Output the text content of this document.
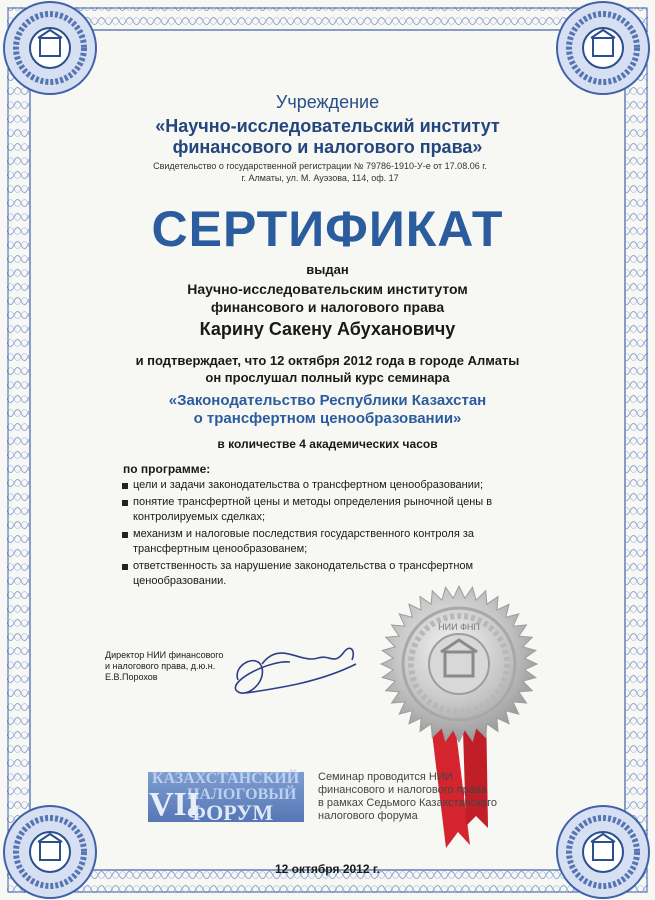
НИИ ФНП
Учреждение
«Научно-исследовательский институт
финансового и налогового права»
Свидетельство о государственной регистрации № 79786-1910-У-е от 17.08.06 г.
г. Алматы, ул. М. Ауэзова, 114, оф. 17
СЕРТИФИКАТ
выдан
Научно-исследовательским институтом
финансового и налогового права
Карину Сакену Абухановичу
и подтверждает, что 12 октября 2012 года в городе Алматы
он прослушал полный курс семинара
«Законодательство Республики Казахстан
о трансфертном ценообразовании»
в количестве 4 академических часов
по программе:
цели и задачи законодательства о трансфертном ценообразовании;
понятие трансфертной цены и методы определения рыночной цены в контролируемых сделках;
механизм и налоговые последствия государственного контроля за трансфертным ценообразованем;
ответственность за нарушение законодательства о трансфертном ценообразовании.
Директор НИИ финансового
и налогового права, д.ю.н.
Е.В.Порохов
КАЗАХСТАНСКИЙ
НАЛОГОВЫЙ
ФОРУМ
VII
Семинар проводится НИИ
финансового и налогового права
в рамках Седьмого Казахстанского
налогового форума
12 октября 2012 г.
